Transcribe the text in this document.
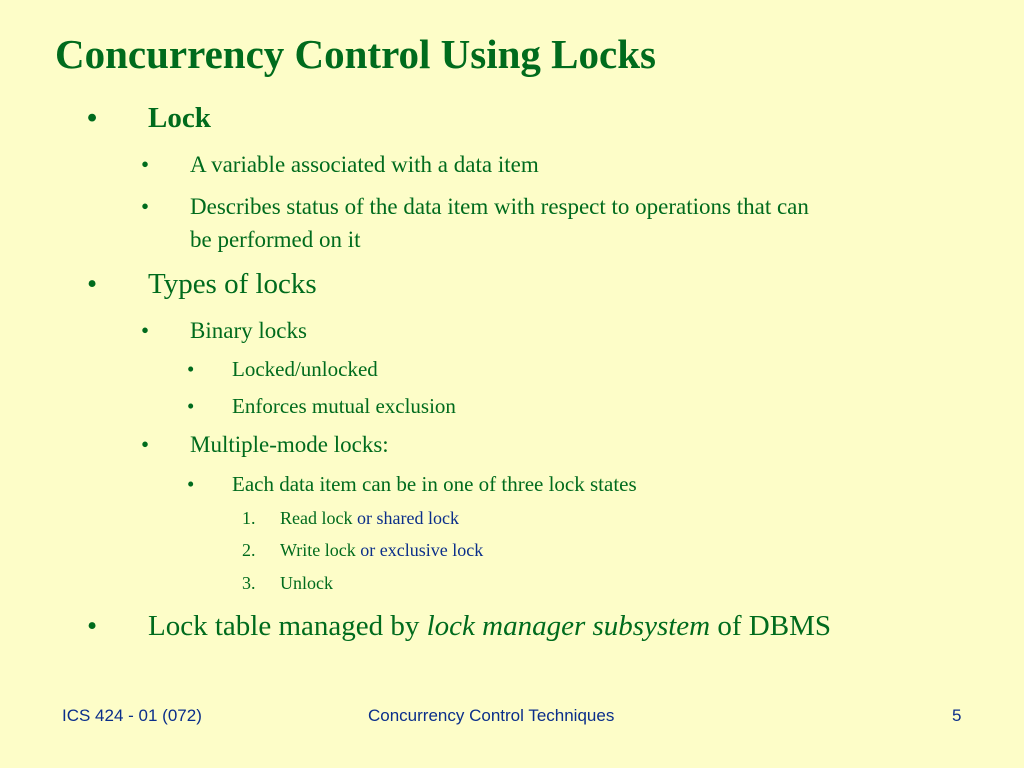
Concurrency Control Using Locks
• Lock
• A variable associated with a data item
• Describes status of the data item with respect to operations that can
be performed on it
• Types of locks
• Binary locks
• Locked/unlocked
• Enforces mutual exclusion
• Multiple-mode locks:
• Each data item can be in one of three lock states
1. Read lock or shared lock
2. Write lock or exclusive lock
3. Unlock
• Lock table managed by lock manager subsystem of DBMS
ICS 424 - 01 (072)	Concurrency Control Techniques	5
